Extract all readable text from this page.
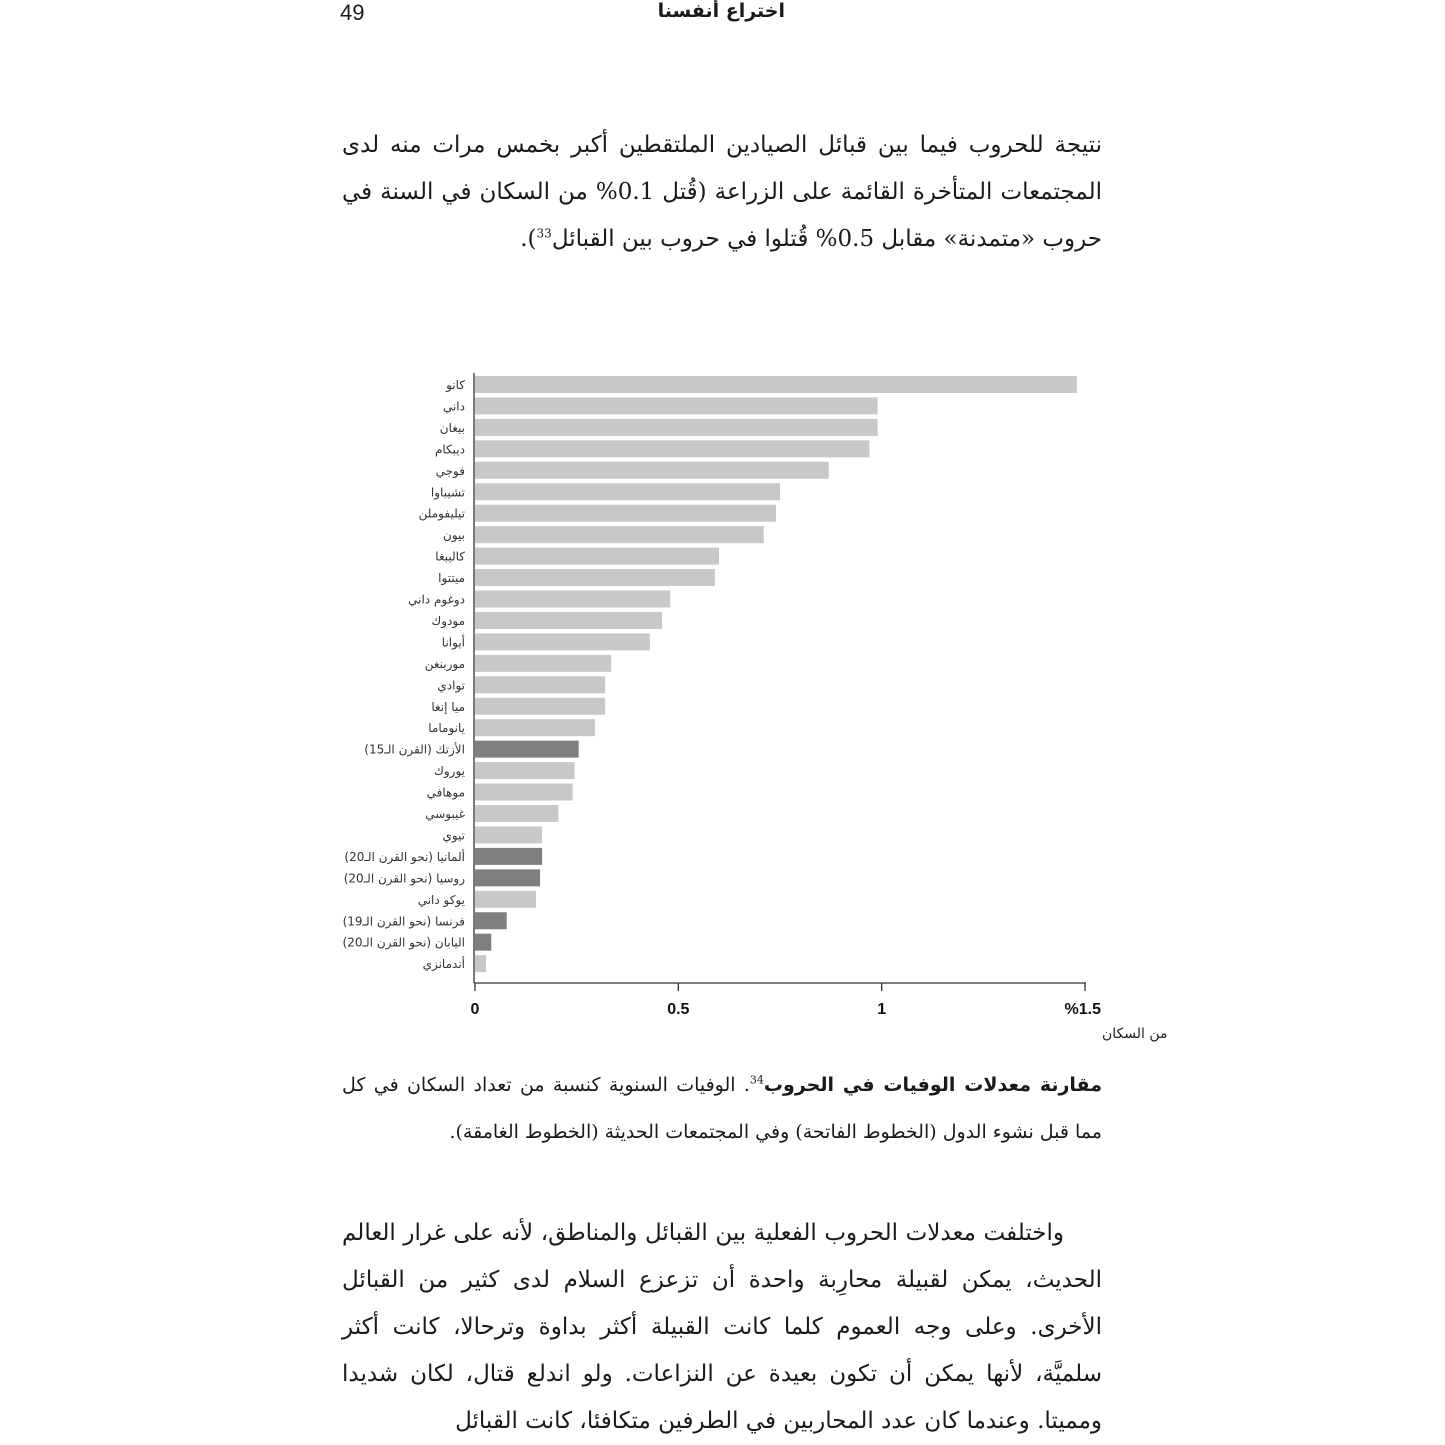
49	اختراع أنفسنا
نتيجة للحروب فيما بين قبائل الصيادين الملتقطين أكبر بخمس مرات منه لدى المجتمعات المتأخرة القائمة على الزراعة (قُتل 0.1% من السكان في السنة في حروب «متمدنة» مقابل 0.5% قُتلوا في حروب بين القبائل$^{33}$).
كانو
داني
بيغان
ديبكام
فوجي
تشيباوا
تيليفوملن
بيون
كاليبغا
ميتتوا
دوغوم داني
مودوك
أيوانا
موربنغن
توادي
ميا إنغا
يانوماما
الأزتك (القرن الـ15)
يوروك
موهافي
غيبوسي
تيوي
ألمانيا (نحو القرن الـ20)
روسيا (نحو القرن الـ20)
يوكو داني
فرنسا (نحو القرن الـ19)
اليابان (نحو القرن الـ20)
أندمانزي
0	0.5	1	%1.5
من السكان
مقارنة معدلات الوفيات في الحروب$^{34}$. الوفيات السنوية كنسبة من تعداد السكان في كل مما قبل نشوء الدول (الخطوط الفاتحة) وفي المجتمعات الحديثة (الخطوط الغامقة).
واختلفت معدلات الحروب الفعلية بين القبائل والمناطق، لأنه على غرار العالم الحديث، يمكن لقبيلة محارِبة واحدة أن تزعزع السلام لدى كثير من القبائل الأخرى. وعلى وجه العموم كلما كانت القبيلة أكثر بداوة وترحالا، كانت أكثر سلميَّة، لأنها يمكن أن تكون بعيدة عن النزاعات. ولو اندلع قتال، لكان شديدا ومميتا. وعندما كان عدد المحاربين في الطرفين متكافئا، كانت القبائل
